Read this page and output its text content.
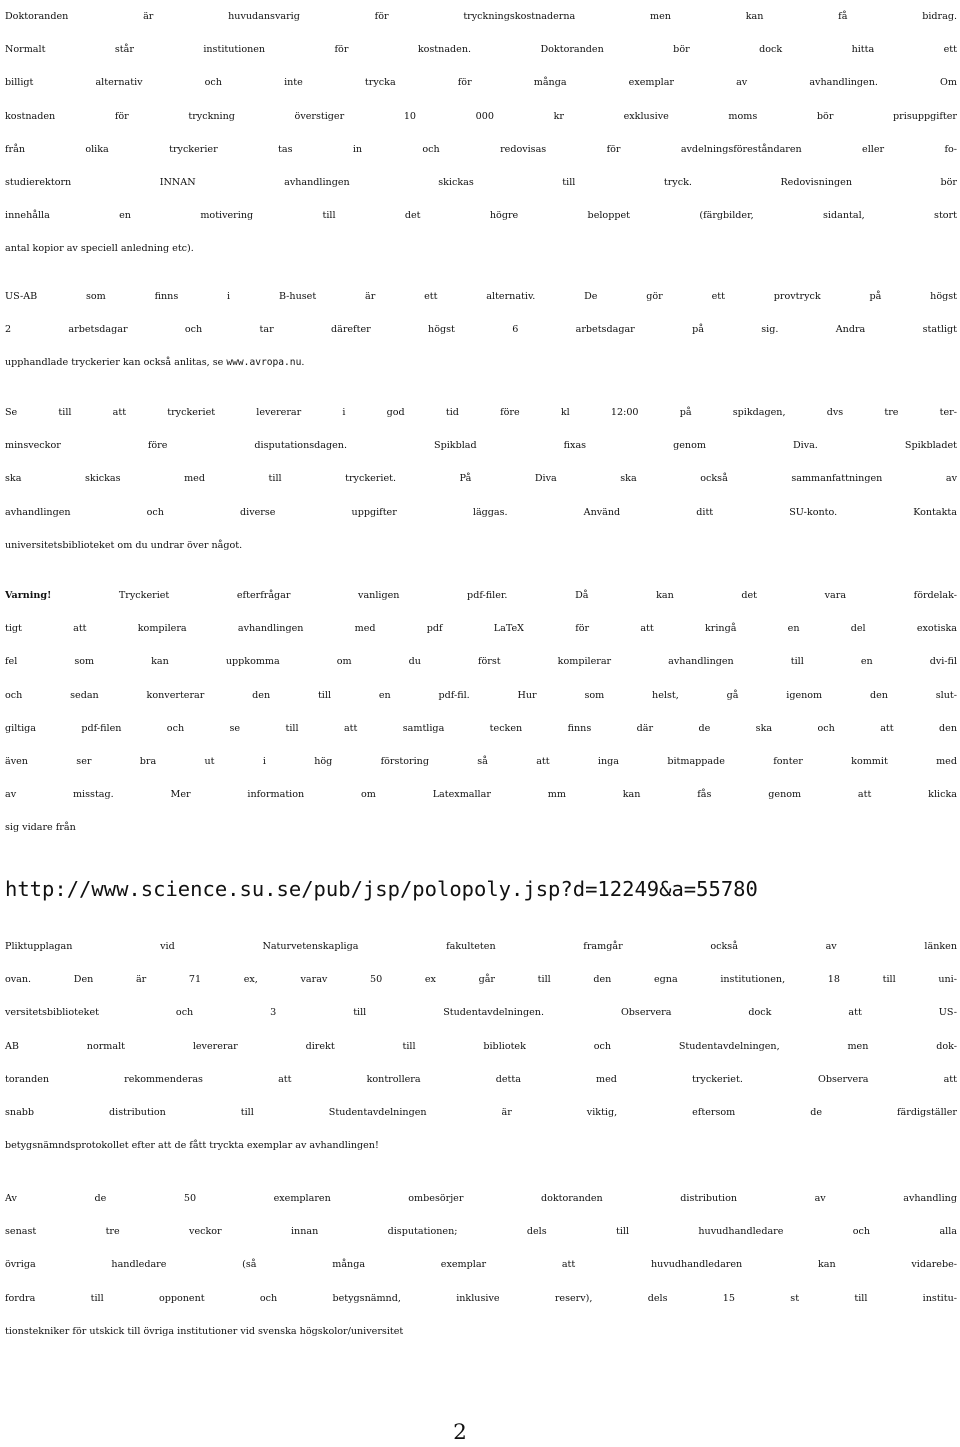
Doktoranden är huvudansvarig för tryckningskostnaderna men kan få bidrag.
Normalt står institutionen för kostnaden. Doktoranden bör dock hitta ett
billigt alternativ och inte trycka för många exemplar av avhandlingen. Om
kostnaden för tryckning överstiger 10 000 kr exklusive moms bör prisuppgifter
från olika tryckerier tas in och redovisas för avdelningsföreståndaren eller fo-
studierektorn INNAN avhandlingen skickas till tryck. Redovisningen bör
innehålla en motivering till det högre beloppet (färgbilder, sidantal, stort
antal kopior av speciell anledning etc).
US-AB som finns i B-huset är ett alternativ. De gör ett provtryck på högst
2 arbetsdagar och tar därefter högst 6 arbetsdagar på sig. Andra statligt
upphandlade tryckerier kan också anlitas, se www.avropa.nu.
Se till att tryckeriet levererar i god tid före kl 12:00 på spikdagen, dvs tre ter-
minsveckor före disputationsdagen. Spikblad fixas genom Diva. Spikbladet
ska skickas med till tryckeriet. På Diva ska också sammanfattningen av
avhandlingen och diverse uppgifter läggas. Använd ditt SU-konto. Kontakta
universitetsbiblioteket om du undrar över något.
Varning! Tryckeriet efterfrågar vanligen pdf-filer. Då kan det vara fördelak-
tigt att kompilera avhandlingen med pdf LaTeX för att kringå en del exotiska
fel som kan uppkomma om du först kompilerar avhandlingen till en dvi-fil
och sedan konverterar den till en pdf-fil. Hur som helst, gå igenom den slut-
giltiga pdf-filen och se till att samtliga tecken finns där de ska och att den
även ser bra ut i hög förstoring så att inga bitmappade fonter kommit med
av misstag. Mer information om Latexmallar mm kan fås genom att klicka
sig vidare från
http://www.science.su.se/pub/jsp/polopoly.jsp?d=12249&a=55780
Pliktupplagan vid Naturvetenskapliga fakulteten framgår också av länken
ovan. Den är 71 ex, varav 50 ex går till den egna institutionen, 18 till uni-
versitetsbiblioteket och 3 till Studentavdelningen. Observera dock att US-
AB normalt levererar direkt till bibliotek och Studentavdelningen, men dok-
toranden rekommenderas att kontrollera detta med tryckeriet. Observera att
snabb distribution till Studentavdelningen är viktig, eftersom de färdigställer
betygsnämndsprotokollet efter att de fått tryckta exemplar av avhandlingen!
Av de 50 exemplaren ombesörjer doktoranden distribution av avhandling
senast tre veckor innan disputationen; dels till huvudhandledare och alla
övriga handledare (så många exemplar att huvudhandledaren kan vidarebe-
fordra till opponent och betygsnämnd, inklusive reserv), dels 15 st till institu-
tionstekniker för utskick till övriga institutioner vid svenska högskolor/universitet
2
